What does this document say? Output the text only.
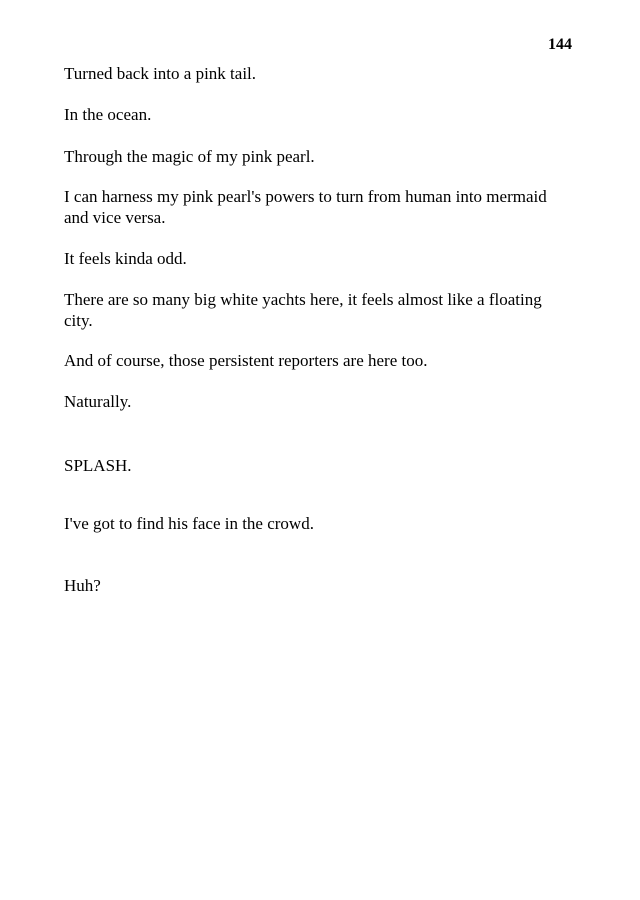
144

Turned back into a pink tail.

In the ocean.

Through the magic of my pink pearl.

I can harness my pink pearl's powers to turn from human into mermaid and vice versa.

It feels kinda odd.

There are so many big white yachts here, it feels almost like a floating city.

And of course, those persistent reporters are here too.

Naturally.

SPLASH.

I've got to find his face in the crowd.

Huh?
